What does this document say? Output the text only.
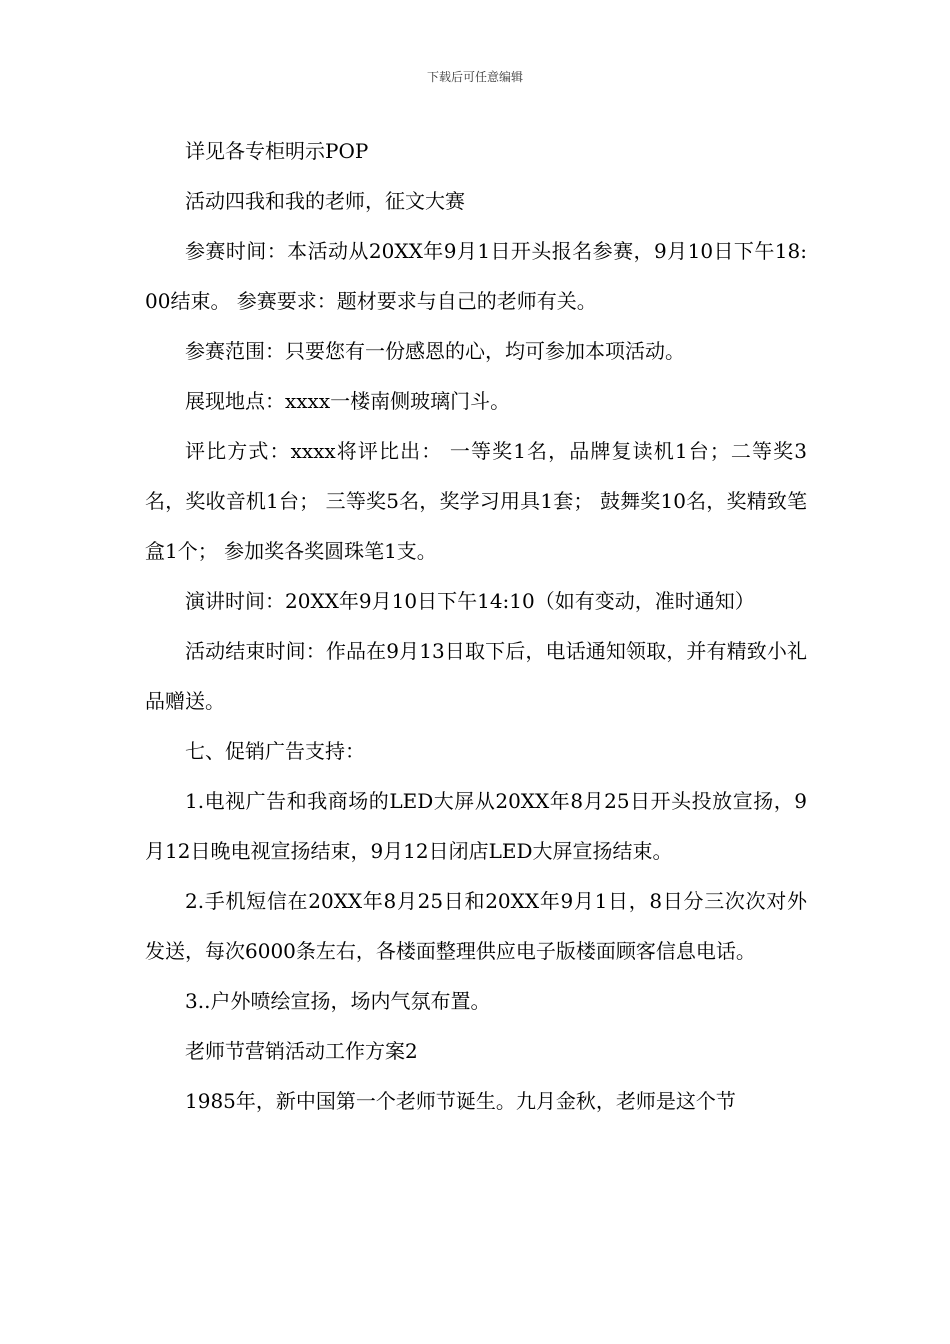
下载后可任意编辑

详见各专柜明示POP

活动四我和我的老师，征文大赛

参赛时间：本活动从20XX年9月1日开头报名参赛，9月10日下午18:00结束。 参赛要求：题材要求与自己的老师有关。

参赛范围：只要您有一份感恩的心，均可参加本项活动。

展现地点：xxxx一楼南侧玻璃门斗。

评比方式：xxxx将评比出： 一等奖1名，品牌复读机1台；二等奖3名，奖收音机1台； 三等奖5名，奖学习用具1套； 鼓舞奖10名，奖精致笔盒1个； 参加奖各奖圆珠笔1支。

演讲时间：20XX年9月10日下午14:10（如有变动，准时通知）

活动结束时间：作品在9月13日取下后，电话通知领取，并有精致小礼品赠送。

七、促销广告支持：

1.电视广告和我商场的LED大屏从20XX年8月25日开头投放宣扬，9月12日晚电视宣扬结束，9月12日闭店LED大屏宣扬结束。

2.手机短信在20XX年8月25日和20XX年9月1日，8日分三次次对外发送，每次6000条左右，各楼面整理供应电子版楼面顾客信息电话。

3..户外喷绘宣扬，场内气氛布置。

老师节营销活动工作方案2

1985年，新中国第一个老师节诞生。九月金秋，老师是这个节
